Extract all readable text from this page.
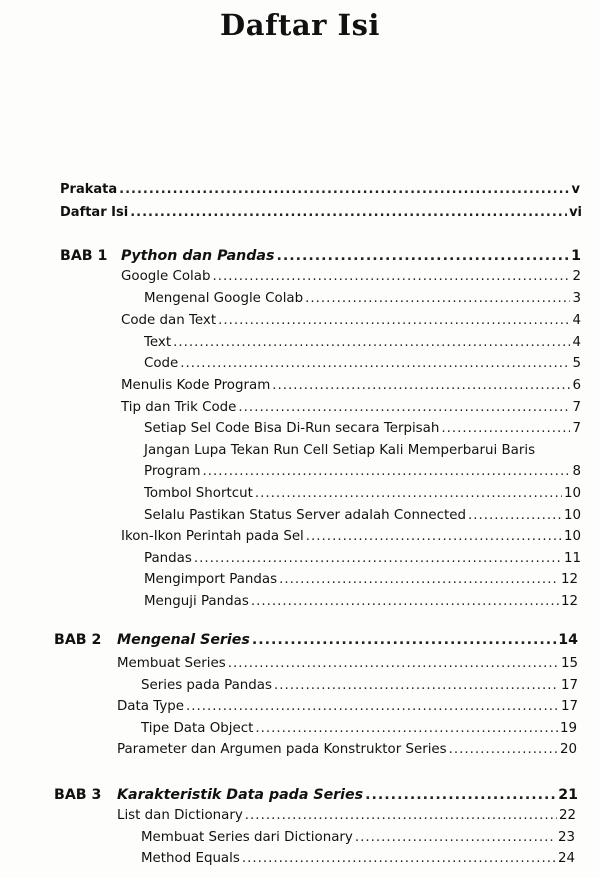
Daftar Isi
Prakata .....	v
Daftar Isi .....	vi
BAB 1 Python dan Pandas .....	1
Google Colab .....	2
Mengenal Google Colab .....	3
Code dan Text .....	4
Text .....	4
Code .....	5
Menulis Kode Program .....	6
Tip dan Trik Code .....	7
Setiap Sel Code Bisa Di-Run secara Terpisah .....	7
Jangan Lupa Tekan Run Cell Setiap Kali Memperbarui Baris
Program .....	8
Tombol Shortcut .....	10
Selalu Pastikan Status Server adalah Connected .....	10
Ikon-Ikon Perintah pada Sel .....	10
Pandas .....	11
Mengimport Pandas .....	12
Menguji Pandas .....	12
BAB 2 Mengenal Series .....	14
Membuat Series .....	15
Series pada Pandas .....	17
Data Type .....	17
Tipe Data Object .....	19
Parameter dan Argumen pada Konstruktor Series .....	20
BAB 3 Karakteristik Data pada Series .....	21
List dan Dictionary .....	22
Membuat Series dari Dictionary .....	23
Method Equals .....	24
